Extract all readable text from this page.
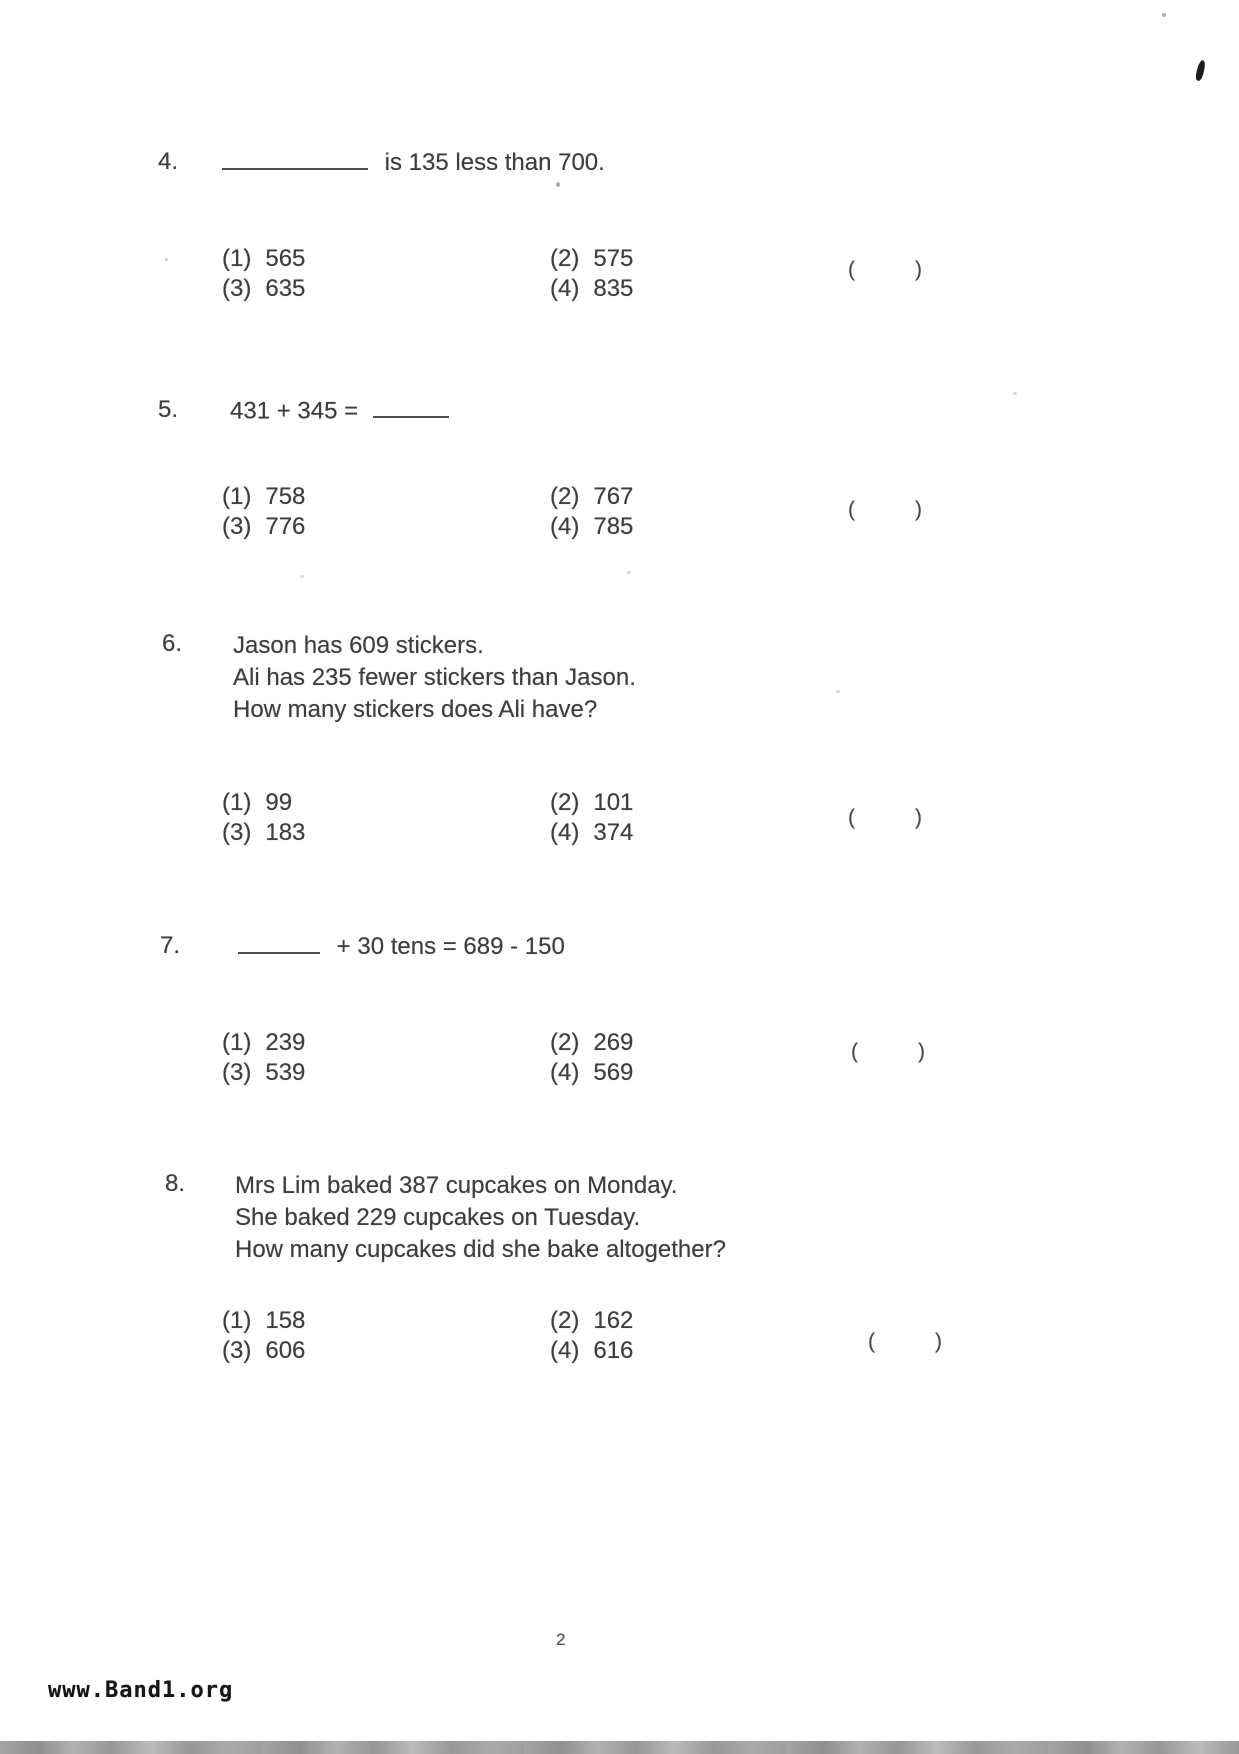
4.	is 135 less than 700.
(1) 565	(2) 575
(3) 635	(4) 835
(	)
5. 431 + 345 =
(1) 758	(2) 767
(3) 776	(4) 785
(	)
6. Jason has 609 stickers.
Ali has 235 fewer stickers than Jason.
How many stickers does Ali have?
(1) 99	(2) 101
(3) 183	(4) 374
(	)
7.	+ 30 tens = 689 - 150
(1) 239	(2) 269
(3) 539	(4) 569
(	)
8. Mrs Lim baked 387 cupcakes on Monday.
She baked 229 cupcakes on Tuesday.
How many cupcakes did she bake altogether?
(1) 158	(2) 162
(3) 606	(4) 616	(	)
2
www.Band1.org
